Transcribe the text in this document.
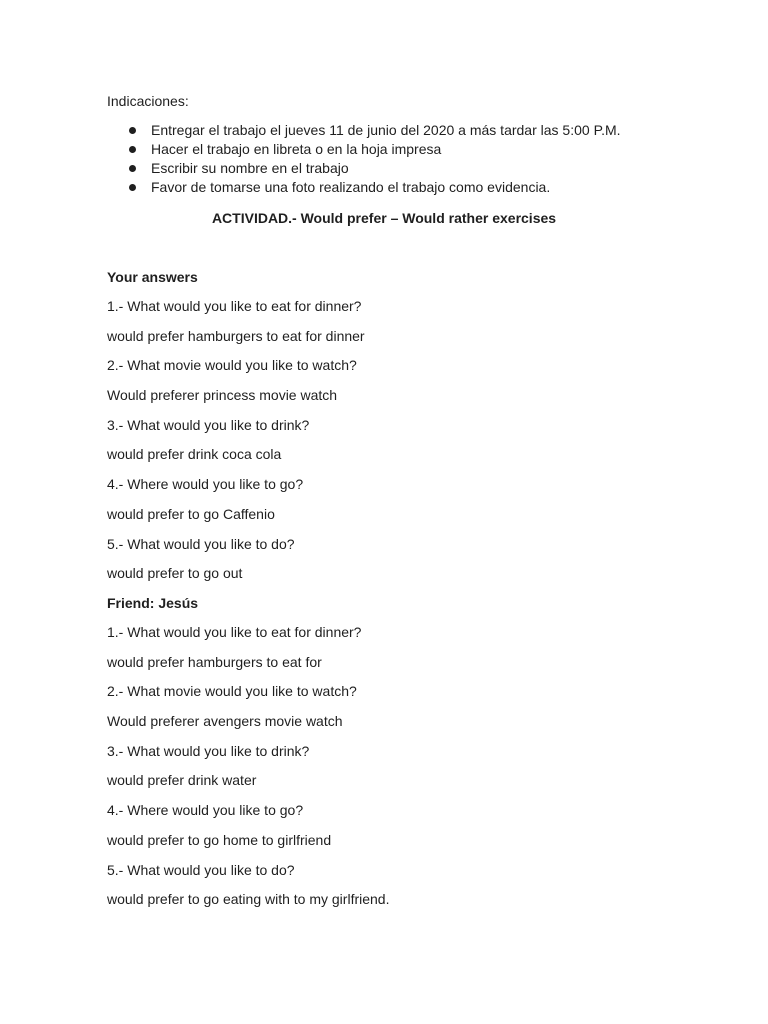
Indicaciones:
Entregar el trabajo el jueves 11 de junio del 2020 a más tardar las 5:00 P.M.
Hacer el trabajo en libreta o en la hoja impresa
Escribir su nombre en el trabajo
Favor de tomarse una foto realizando el trabajo como evidencia.
ACTIVIDAD.- Would prefer – Would rather exercises
Your answers
1.- What would you like to eat for dinner?
would prefer hamburgers to eat for dinner
2.- What movie would you like to watch?
Would preferer princess movie watch
3.- What would you like to drink?
would prefer drink coca cola
4.- Where would you like to go?
would prefer to go Caffenio
5.- What would you like to do?
would prefer to go out
Friend: Jesús
1.- What would you like to eat for dinner?
would prefer hamburgers to eat for
2.- What movie would you like to watch?
Would preferer avengers movie watch
3.- What would you like to drink?
would prefer drink water
4.- Where would you like to go?
would prefer to go home to girlfriend
5.- What would you like to do?
would prefer to go eating with to my girlfriend.
